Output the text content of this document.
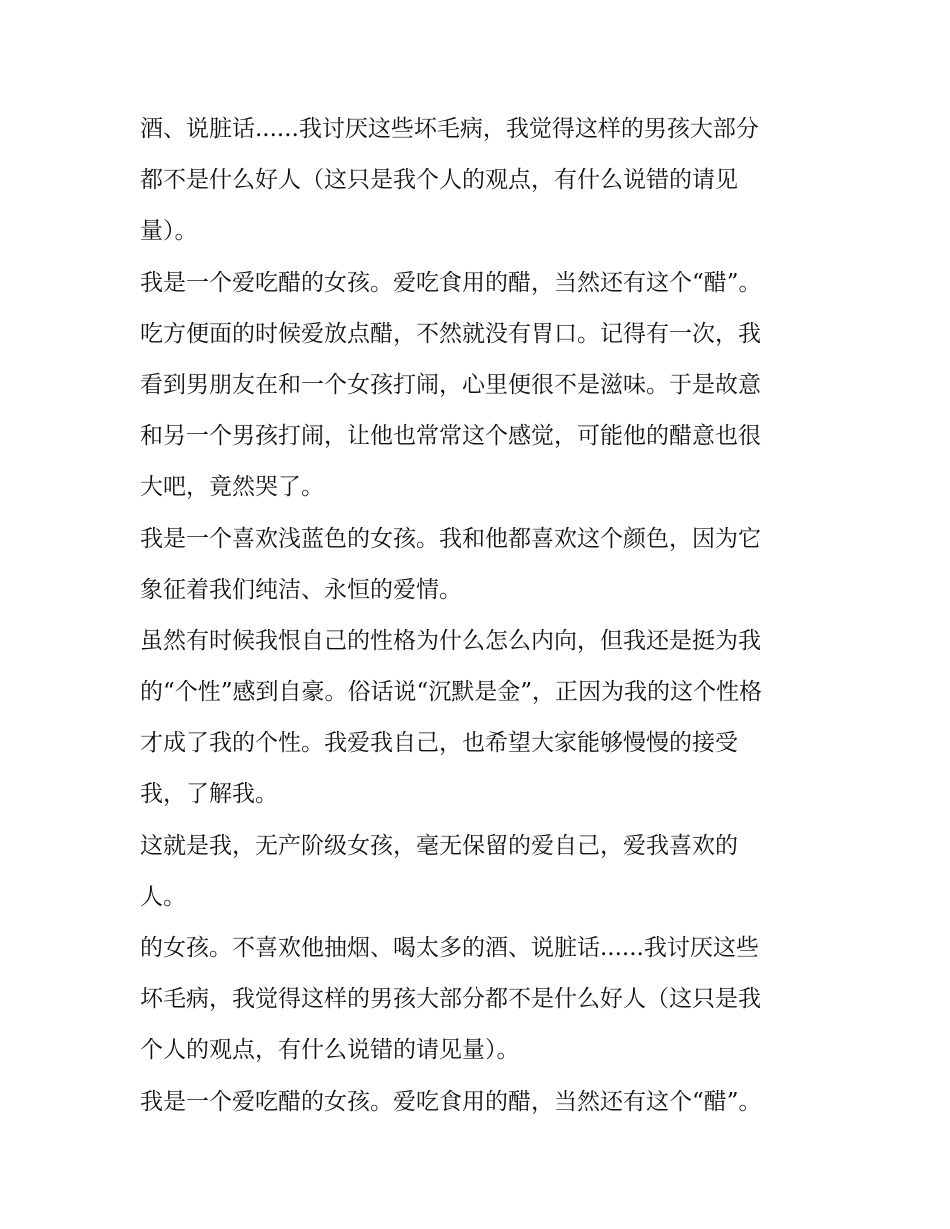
酒、说脏话......我讨厌这些坏毛病，我觉得这样的男孩大部分
都不是什么好人（这只是我个人的观点，有什么说错的请见
量）。
我是一个爱吃醋的女孩。爱吃食用的醋，当然还有这个“醋”。
吃方便面的时候爱放点醋，不然就没有胃口。记得有一次，我
看到男朋友在和一个女孩打闹，心里便很不是滋味。于是故意
和另一个男孩打闹，让他也常常这个感觉，可能他的醋意也很
大吧，竟然哭了。
我是一个喜欢浅蓝色的女孩。我和他都喜欢这个颜色，因为它
象征着我们纯洁、永恒的爱情。
虽然有时候我恨自己的性格为什么怎么内向，但我还是挺为我
的“个性”感到自豪。俗话说“沉默是金”，正因为我的这个性格
才成了我的个性。我爱我自己，也希望大家能够慢慢的接受
我，了解我。
这就是我，无产阶级女孩，毫无保留的爱自己，爱我喜欢的
人。
的女孩。不喜欢他抽烟、喝太多的酒、说脏话......我讨厌这些
坏毛病，我觉得这样的男孩大部分都不是什么好人（这只是我
个人的观点，有什么说错的请见量）。
我是一个爱吃醋的女孩。爱吃食用的醋，当然还有这个“醋”。
